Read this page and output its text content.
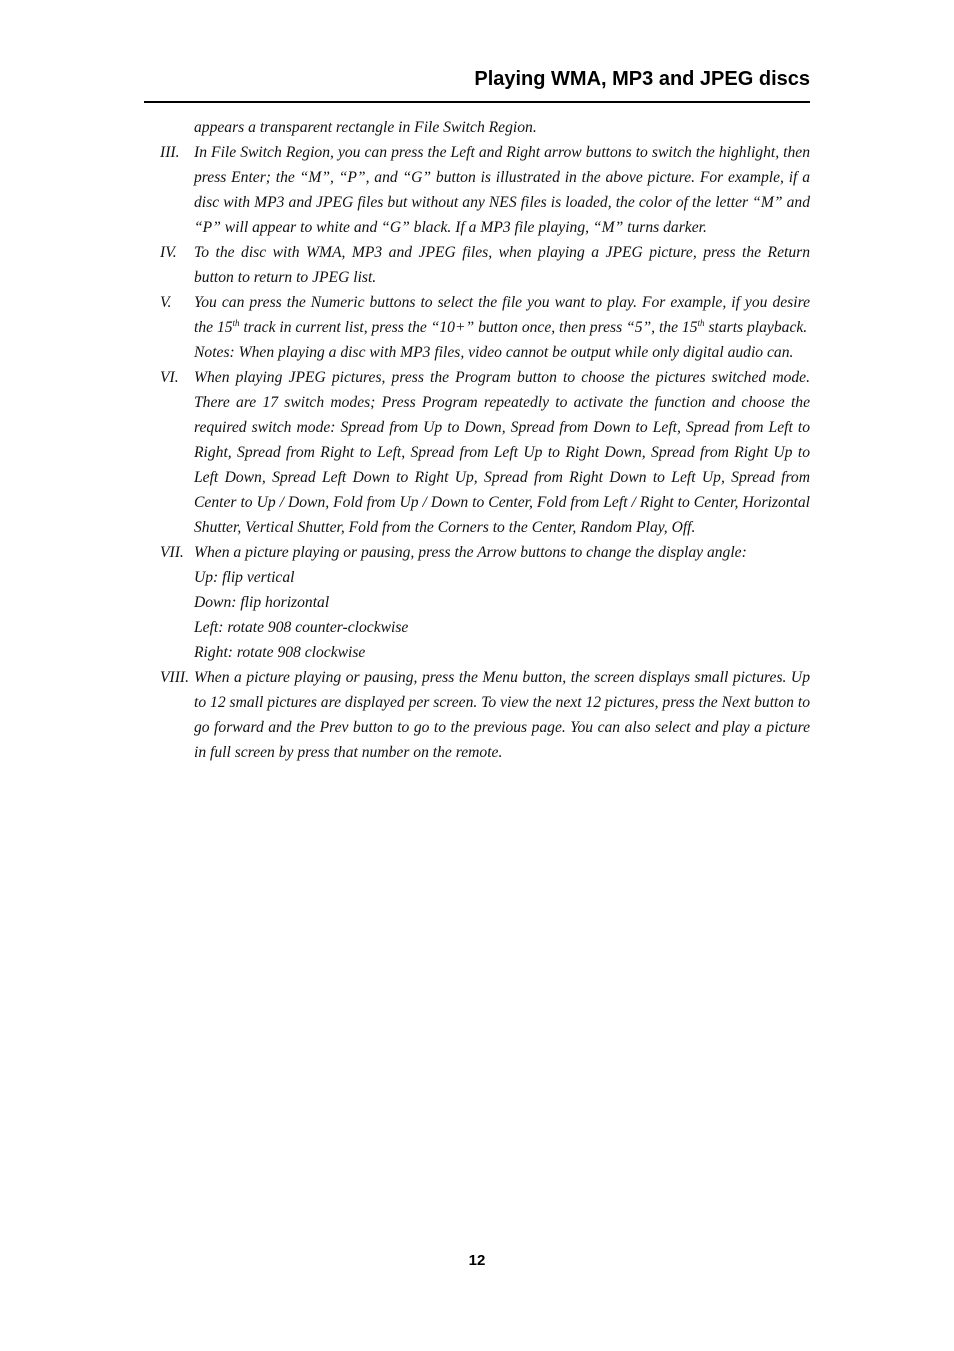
Playing WMA, MP3 and JPEG discs

appears a transparent rectangle in File Switch Region.

III. In File Switch Region, you can press the Left and Right arrow buttons to switch the highlight, then press Enter; the “M”, “P”, and “G” button is illustrated in the above picture. For example, if a disc with MP3 and JPEG files but without any NES files is loaded, the color of the letter “M” and “P” will appear to white and “G” black. If a MP3 file playing, “M” turns darker.

IV.	To the disc with WMA, MP3 and JPEG files, when playing a JPEG picture, press the Return button to return to JPEG list.

V.	You can press the Numeric buttons to select the file you want to play. For example, if you desire the 15th track in current list, press the “10+” button once, then press “5”, the 15th starts playback.

Notes: When playing a disc with MP3 files, video cannot be output while only digital audio can.

VI. When playing JPEG pictures, press the Program button to choose the pictures switched mode. There are 17 switch modes; Press Program repeatedly to activate the function and choose the required switch mode: Spread from Up to Down, Spread from Down to Left, Spread from Left to Right, Spread from Right to Left, Spread from Left Up to Right Down, Spread from Right Up to Left Down, Spread Left Down to Right Up, Spread from Right Down to Left Up, Spread from Center to Up / Down, Fold from Up / Down to Center, Fold from Left / Right to Center, Horizontal Shutter, Vertical Shutter, Fold from the Corners to the Center, Random Play, Off.

VII. When a picture playing or pausing, press the Arrow buttons to change the display angle:

Up: flip vertical

Down: flip horizontal

Left: rotate 908 counter-clockwise

Right: rotate 908 clockwise

VIII. When a picture playing or pausing, press the Menu button, the screen displays small pictures. Up to 12 small pictures are displayed per screen. To view the next 12 pictures, press the Next button to go forward and the Prev button to go to the previous page. You can also select and play a picture in full screen by press that number on the remote.

12
